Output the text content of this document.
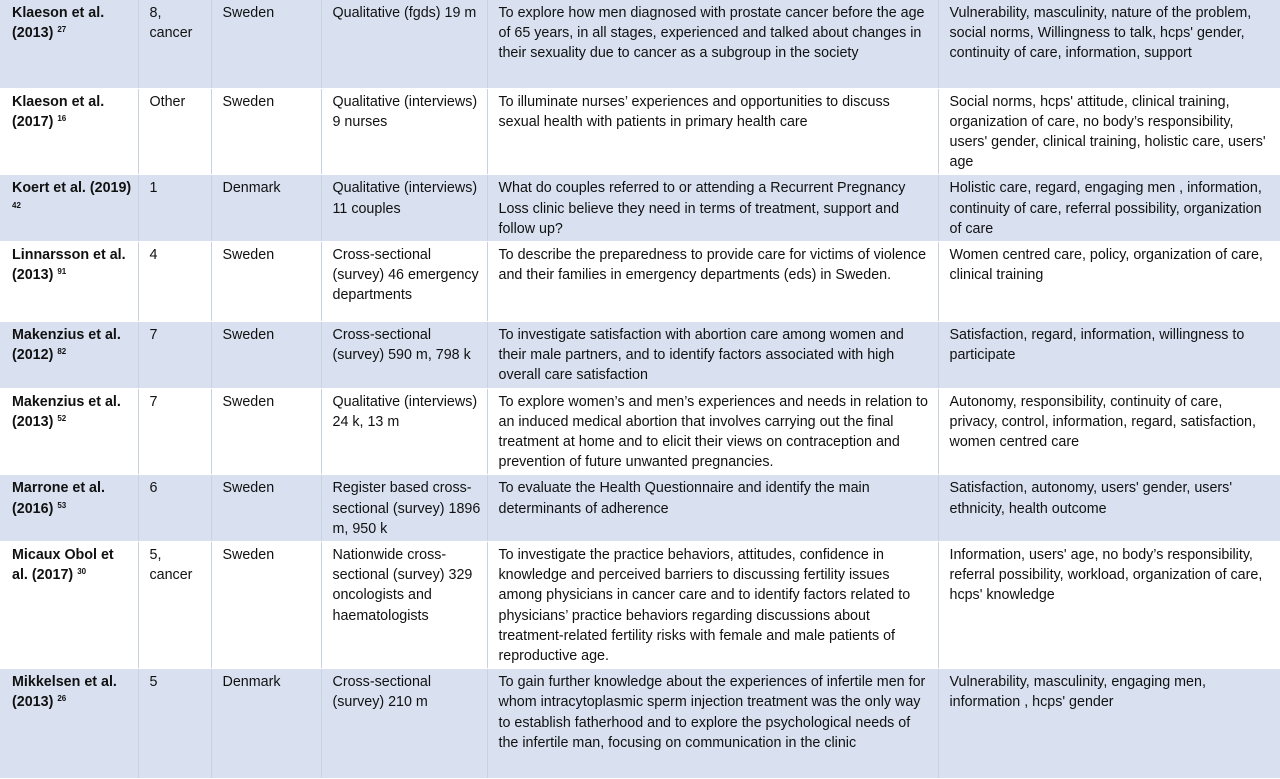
Klaeson et al. (2013) $^{27}$	8, cancer	Sweden	Qualitative (fgds) 19 m	To explore how men diagnosed with prostate cancer before the age of 65 years, in all stages, experienced and talked about changes in their sexuality due to cancer as a subgroup in the society	Vulnerability, masculinity, nature of the problem, social norms, Willingness to talk, hcps' gender, continuity of care, information, support
Klaeson et al. (2017) $^{16}$	Other	Sweden	Qualitative (interviews) 9 nurses	To illuminate nurses’ experiences and opportunities to discuss sexual health with patients in primary health care	Social norms, hcps' attitude, clinical training, organization of care, no body’s responsibility, users' gender, clinical training, holistic care, users' age
Koert et al. (2019) $^{42}$	1	Denmark	Qualitative (interviews) 11 couples	What do couples referred to or attending a Recurrent Pregnancy Loss clinic believe they need in terms of treatment, support and follow up?	Holistic care, regard, engaging men , information, continuity of care, referral possibility, organization of care
Linnarsson et al. (2013) $^{91}$	4	Sweden	Cross-sectional (survey) 46 emergency departments	To describe the preparedness to provide care for victims of violence and their families in emergency departments (eds) in Sweden.	Women centred care, policy, organization of care, clinical training
Makenzius et al. (2012) $^{82}$	7	Sweden	Cross-sectional (survey) 590 m, 798 k	To investigate satisfaction with abortion care among women and their male partners, and to identify factors associated with high overall care satisfaction	Satisfaction, regard, information, willingness to participate
Makenzius et al. (2013) $^{52}$	7	Sweden	Qualitative (interviews) 24 k, 13 m	To explore women’s and men’s experiences and needs in relation to an induced medical abortion that involves carrying out the final treatment at home and to elicit their views on contraception and prevention of future unwanted pregnancies.	Autonomy, responsibility, continuity of care, privacy, control, information, regard, satisfaction, women centred care
Marrone et al. (2016) $^{53}$	6	Sweden	Register based cross-sectional (survey) 1896 m, 950 k	To evaluate the Health Questionnaire and identify the main determinants of adherence	Satisfaction, autonomy, users' gender, users' ethnicity, health outcome
Micaux Obol et al. (2017) $^{30}$	5, cancer	Sweden	Nationwide cross-sectional (survey) 329 oncologists and haematologists	To investigate the practice behaviors, attitudes, confidence in knowledge and perceived barriers to discussing fertility issues among physicians in cancer care and to identify factors related to physicians’ practice behaviors regarding discussions about treatment-related fertility risks with female and male patients of reproductive age.	Information, users' age, no body’s responsibility, referral possibility, workload, organization of care, hcps' knowledge
Mikkelsen et al. (2013) $^{26}$	5	Denmark	Cross-sectional (survey) 210 m	To gain further knowledge about the experiences of infertile men for whom intracytoplasmic sperm injection treatment was the only way to establish fatherhood and to explore the psychological needs of the infertile man, focusing on communication in the clinic	Vulnerability, masculinity, engaging men, information , hcps' gender
